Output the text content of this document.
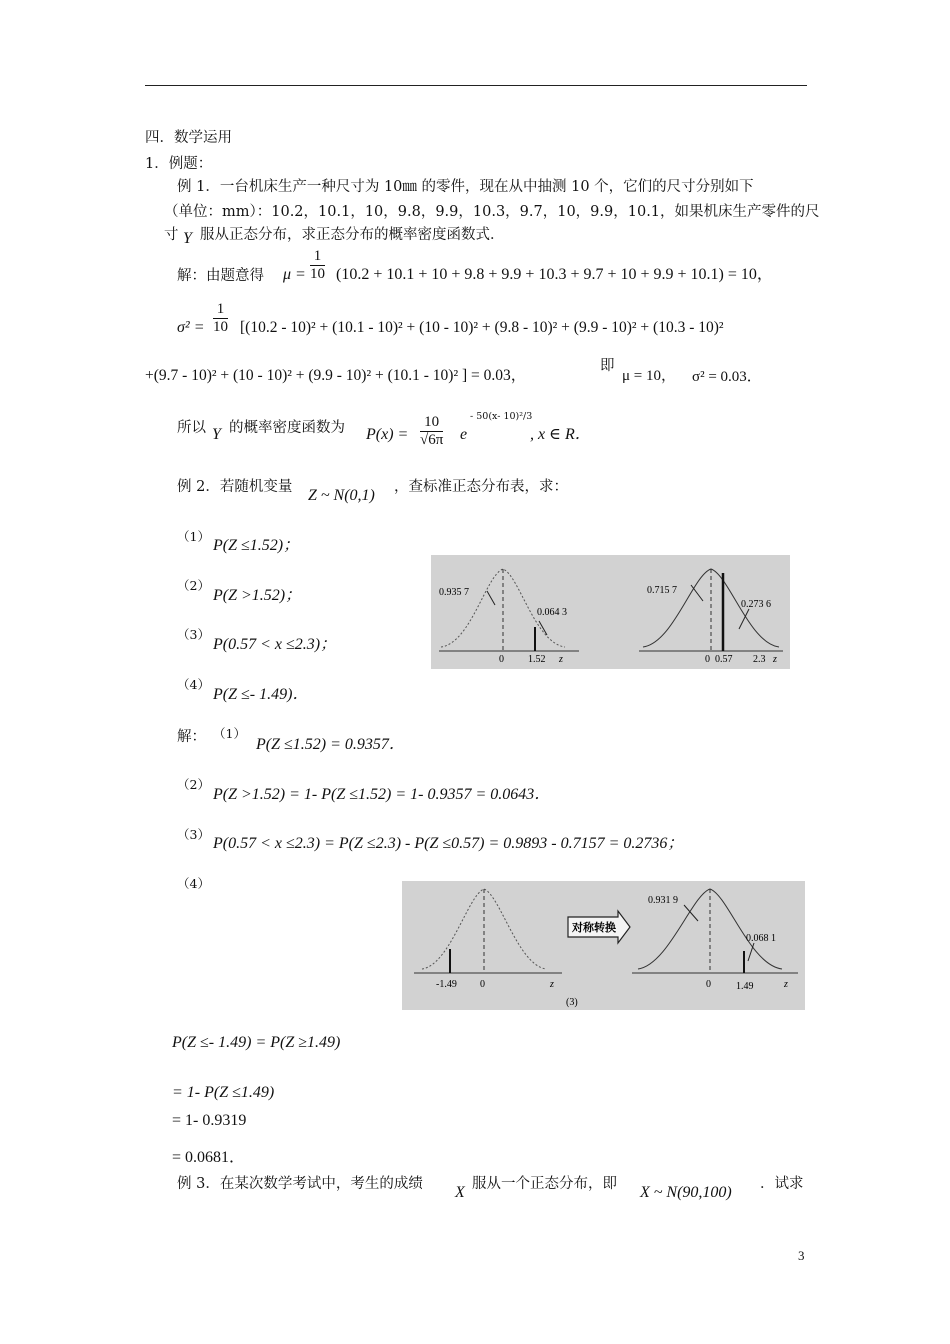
四．数学运用
1．例题：
例 1．一台机床生产一种尺寸为 10㎜ 的零件，现在从中抽测 10 个，它们的尺寸分别如下
（单位：mm）：10.2，10.1，10，9.8，9.9，10.3，9.7，10，9.9，10.1，如果机床生产零件的尺
寸 Y 服从正态分布，求正态分布的概率密度函数式．
解：由题意得 $\mu = \frac{1}{10} (10.2 + 10.1 + 10 + 9.8 + 9.9 + 10.3 + 9.7 + 10 + 9.9 + 10.1) = 10$，
$\sigma^2 = \frac{1}{10} [(10.2 - 10)^2 + (10.1 - 10)^2 + (10 - 10)^2 + (9.8 - 10)^2 + (9.9 - 10)^2 + (10.3 - 10)^2$
+(9.7 - 10)² + (10 - 10)² + (9.9 - 10)² + (10.1 - 10)² ] = 0.03，
即
μ = 10， σ² = 0.03．
所以 Y 的概率密度函数为 $P(x) = \frac{10}{√6\pi}$ e
- 50(x- 10)²/3
, x ∈ R．
例 2．若随机变量 Z ~ N(0,1) ，查标准正态分布表，求：
（1）
P(Z ≤1.52)；
（2）
P(Z >1.52)；
（3）
P(0.57 < x ≤2.3)；
（4）
P(Z ≤- 1.49)．
0.935 7
0.064 3
0 1.52 z
0.715 7
0.273 6
0 0.57 2.3 z
解： （1）
P(Z ≤1.52) = 0.9357．
（2）
P(Z >1.52) = 1- P(Z ≤1.52) = 1- 0.9357 = 0.0643．
（3）
P(0.57 < x ≤2.3) = P(Z ≤2.3) - P(Z ≤0.57) = 0.9893 - 0.7157 = 0.2736；
（4）
-1.49 0	z
对称转换
0.931 9
0.068 1
0	1.49	z
(3)
P(Z ≤- 1.49) = P(Z ≥1.49)
= 1- P(Z ≤1.49)
= 1- 0.9319
= 0.0681．
例 3．在某次数学考试中，考生的成绩 X 服从一个正态分布，即 X ~ N(90,100) ．试求
3
